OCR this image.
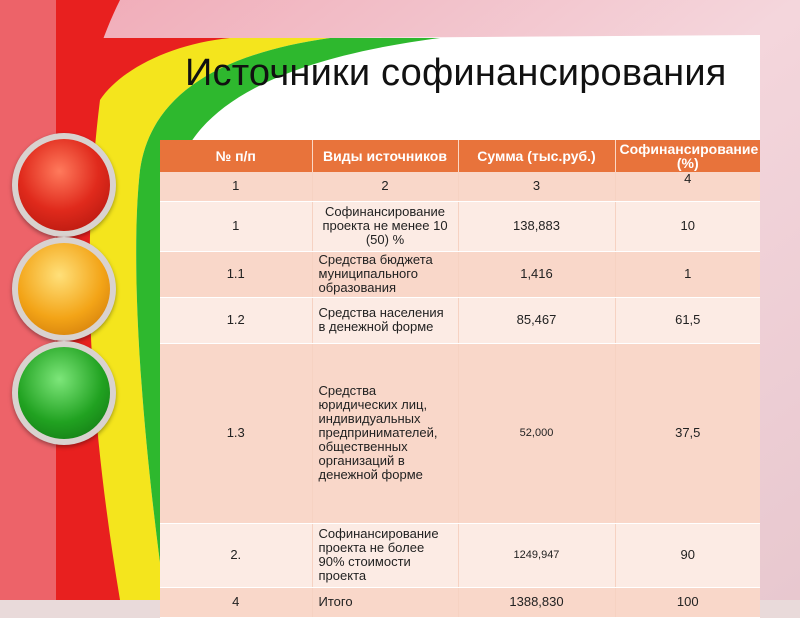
Источники софинансирования
№ п/п	Виды источников	Сумма (тыс.руб.)	Софинансирование (%)
1	2	3	4
1	Софинансирование проекта не менее 10 (50) %	138,883	10
1.1	Средства бюджета муниципального образования	1,416	1
1.2	Средства населения в денежной форме	85,467	61,5
1.3	Средства юридических лиц, индивидуальных предпринимателей, общественных организаций в денежной форме	52,000	37,5
2.	Софинансирование проекта не более 90% стоимости проекта	1249,947	90
4	Итого	1388,830	100
